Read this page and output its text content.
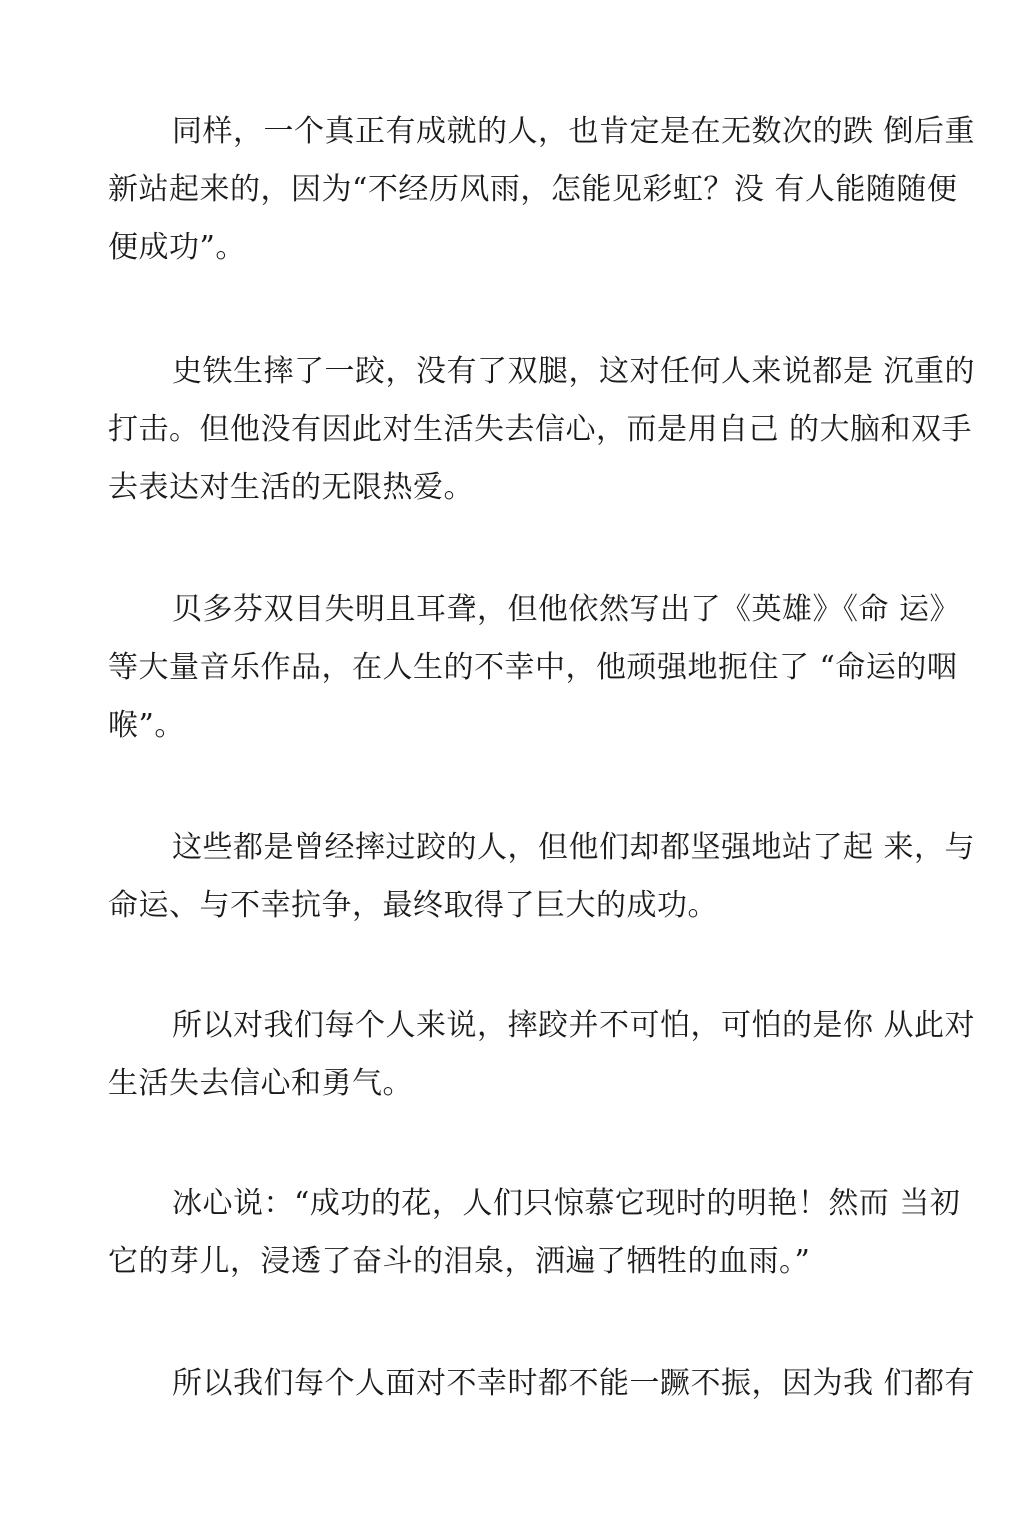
同样，一个真正有成就的人，也肯定是在无数次的跌 倒后重
新站起来的，因为“不经历风雨，怎能见彩虹？没 有人能随随便
便成功”。
史铁生摔了一跤，没有了双腿，这对任何人来说都是 沉重的
打击。但他没有因此对生活失去信心，而是用自己 的大脑和双手
去表达对生活的无限热爱。
贝多芬双目失明且耳聋，但他依然写出了《英雄》《命 运》
等大量音乐作品，在人生的不幸中，他顽强地扼住了 “命运的咽
喉”。
这些都是曾经摔过跤的人，但他们却都坚强地站了起 来，与
命运、与不幸抗争，最终取得了巨大的成功。
所以对我们每个人来说，摔跤并不可怕，可怕的是你 从此对
生活失去信心和勇气。
冰心说：“成功的花，人们只惊慕它现时的明艳！然而 当初
它的芽儿，浸透了奋斗的泪泉，洒遍了牺牲的血雨。”
所以我们每个人面对不幸时都不能一蹶不振，因为我 们都有
